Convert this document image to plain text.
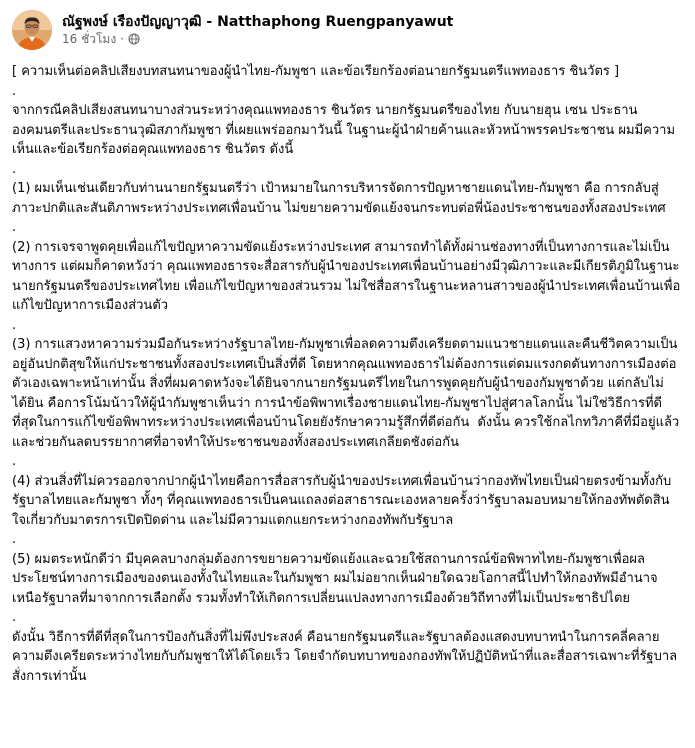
ณัฐพงษ์ เรืองปัญญาวุฒิ - Natthaphong Ruengpanyawut
16 ชั่วโมง ·

[ ความเห็นต่อคลิปเสียงบทสนทนาของผู้นำไทย-กัมพูชา และข้อเรียกร้องต่อนายกรัฐมนตรีแพทองธาร ชินวัตร ]

.

จากกรณีคลิปเสียงสนทนาบางส่วนระหว่างคุณแพทองธาร ชินวัตร นายกรัฐมนตรีของไทย กับนายฮุน เซน ประธานองคมนตรีและประธานวุฒิสภากัมพูชา ที่เผยแพร่ออกมาวันนี้ ในฐานะผู้นำฝ่ายค้านและหัวหน้าพรรคประชาชน ผมมีความเห็นและข้อเรียกร้องต่อคุณแพทองธาร ชินวัตร ดังนี้

.

(1) ผมเห็นเช่นเดียวกับท่านนายกรัฐมนตรีว่า เป้าหมายในการบริหารจัดการปัญหาชายแดนไทย-กัมพูชา คือ การกลับสู่ภาวะปกติและสันติภาพระหว่างประเทศเพื่อนบ้าน ไม่ขยายความขัดแย้งจนกระทบต่อพี่น้องประชาชนของทั้งสองประเทศ

.

(2) การเจรจาพูดคุยเพื่อแก้ไขปัญหาความขัดแย้งระหว่างประเทศ สามารถทำได้ทั้งผ่านช่องทางที่เป็นทางการและไม่เป็นทางการ แต่ผมก็คาดหวังว่า คุณแพทองธารจะสื่อสารกับผู้นำของประเทศเพื่อนบ้านอย่างมีวุฒิภาวะและมีเกียรติภูมิในฐานะนายกรัฐมนตรีของประเทศไทย เพื่อแก้ไขปัญหาของส่วนรวม ไม่ใช่สื่อสารในฐานะหลานสาวของผู้นำประเทศเพื่อนบ้านเพื่อแก้ไขปัญหาการเมืองส่วนตัว

.

(3) การแสวงหาความร่วมมือกันระหว่างรัฐบาลไทย-กัมพูชาเพื่อลดความตึงเครียดตามแนวชายแดนและคืนชีวิตความเป็นอยู่อันปกติสุขให้แก่ประชาชนทั้งสองประเทศเป็นสิ่งที่ดี โดยหากคุณแพทองธารไม่ต้องการแต่ดมแรงกดดันทางการเมืองต่อตัวเองเฉพาะหน้าเท่านั้น สิ่งที่ผมคาดหวังจะได้ยินจากนายกรัฐมนตรีไทยในการพูดคุยกับผู้นำของกัมพูชาด้วย แต่กลับไม่ได้ยิน คือการโน้มน้าวให้ผู้นำกัมพูชาเห็นว่า การนำข้อพิพาทเรื่องชายแดนไทย-กัมพูชาไปสู่ศาลโลกนั้น ไม่ใช่วิธีการที่ดีที่สุดในการแก้ไขข้อพิพาทระหว่างประเทศเพื่อนบ้านโดยยังรักษาความรู้สึกที่ดีต่อกัน  ดังนั้น ควรใช้กลไกทวิภาคีที่มีอยู่แล้ว และช่วยกันลดบรรยากาศที่อาจทำให้ประชาชนของทั้งสองประเทศเกลียดชังต่อกัน

.

(4) ส่วนสิ่งที่ไม่ควรออกจากปากผู้นำไทยคือการสื่อสารกับผู้นำของประเทศเพื่อนบ้านว่ากองทัพไทยเป็นฝ่ายตรงข้ามทั้งกับรัฐบาลไทยและกัมพูชา ทั้งๆ ที่คุณแพทองธารเป็นคนแถลงต่อสาธารณะเองหลายครั้งว่ารัฐบาลมอบหมายให้กองทัพตัดสินใจเกี่ยวกับมาตรการเปิดปิดด่าน และไม่มีความแตกแยกระหว่างกองทัพกับรัฐบาล

.

(5) ผมตระหนักดีว่า มีบุคคลบางกลุ่มต้องการขยายความขัดแย้งและฉวยใช้สถานการณ์ข้อพิพาทไทย-กัมพูชาเพื่อผลประโยชน์ทางการเมืองของตนเองทั้งในไทยและในกัมพูชา ผมไม่อยากเห็นฝ่ายใดฉวยโอกาสนี้ไปทำให้กองทัพมีอำนาจเหนือรัฐบาลที่มาจากการเลือกตั้ง รวมทั้งทำให้เกิดการเปลี่ยนแปลงทางการเมืองด้วยวิถีทางที่ไม่เป็นประชาธิปไตย

.

ดังนั้น วิธีการที่ดีที่สุดในการป้องกันสิ่งที่ไม่พึงประสงค์ คือนายกรัฐมนตรีและรัฐบาลต้องแสดงบทบาทนำในการคลี่คลายความตึงเครียดระหว่างไทยกับกัมพูชาให้ได้โดยเร็ว โดยจำกัดบทบาทของกองทัพให้ปฏิบัติหน้าที่และสื่อสารเฉพาะที่รัฐบาลสั่งการเท่านั้น
